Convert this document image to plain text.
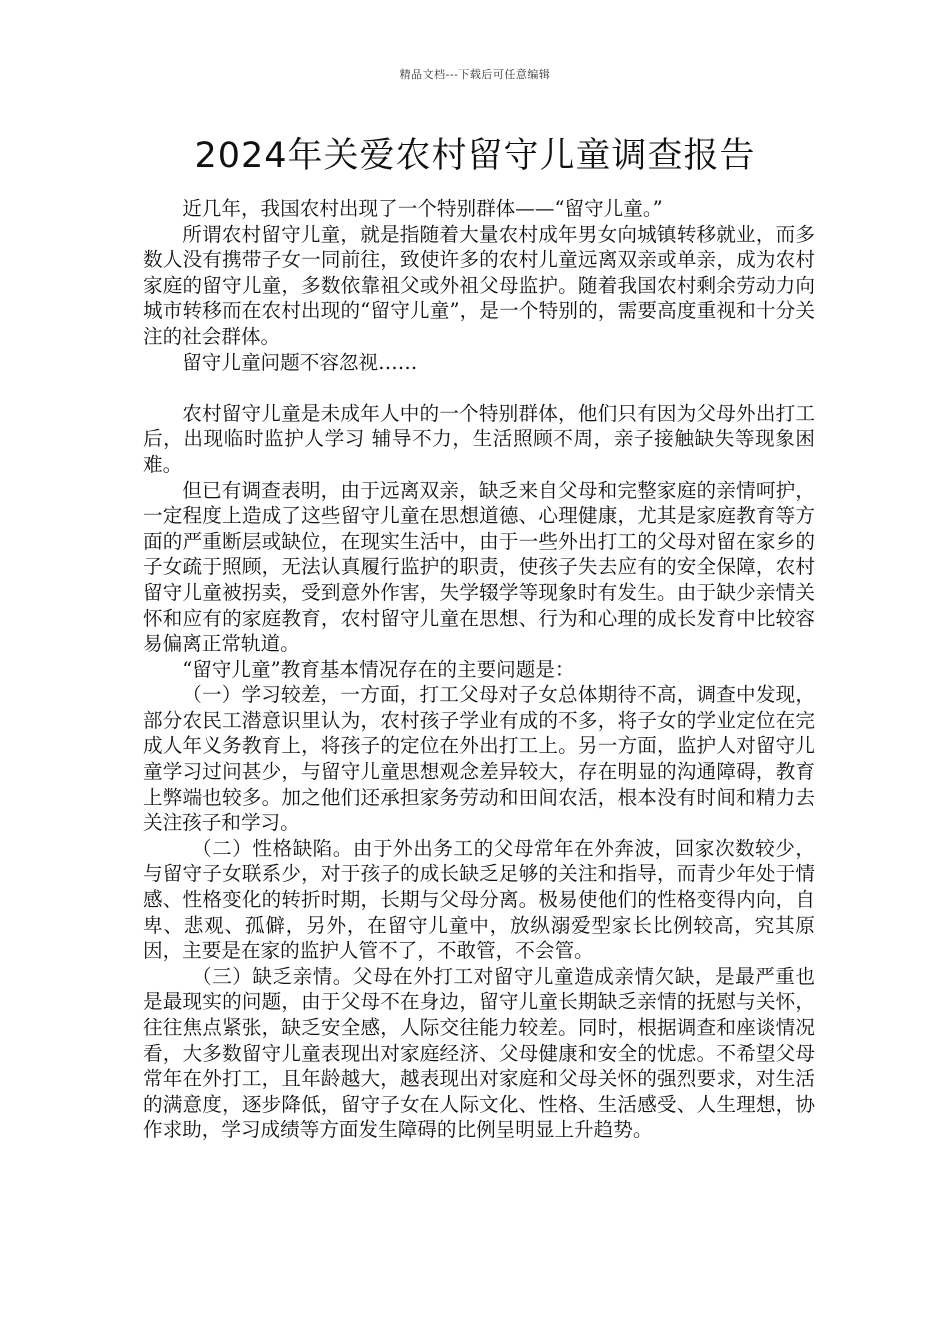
精品文档---下载后可任意编辑
2024年关爱农村留守儿童调查报告

近几年，我国农村出现了一个特别群体——“留守儿童。”

所谓农村留守儿童，就是指随着大量农村成年男女向城镇转移就业，而多数人没有携带子女一同前往，致使许多的农村儿童远离双亲或单亲，成为农村家庭的留守儿童，多数依靠祖父或外祖父母监护。随着我国农村剩余劳动力向城市转移而在农村出现的“留守儿童”，是一个特别的，需要高度重视和十分关注的社会群体。

留守儿童问题不容忽视……

农村留守儿童是未成年人中的一个特别群体，他们只有因为父母外出打工后，出现临时监护人学习 辅导不力，生活照顾不周，亲子接触缺失等现象困难。

但已有调查表明，由于远离双亲，缺乏来自父母和完整家庭的亲情呵护，一定程度上造成了这些留守儿童在思想道德、心理健康，尤其是家庭教育等方面的严重断层或缺位，在现实生活中，由于一些外出打工的父母对留在家乡的子女疏于照顾，无法认真履行监护的职责，使孩子失去应有的安全保障，农村留守儿童被拐卖，受到意外作害，失学辍学等现象时有发生。由于缺少亲情关怀和应有的家庭教育，农村留守儿童在思想、行为和心理的成长发育中比较容易偏离正常轨道。

“留守儿童”教育基本情况存在的主要问题是：

（一）学习较差，一方面，打工父母对子女总体期待不高，调查中发现，部分农民工潜意识里认为，农村孩子学业有成的不多，将子女的学业定位在完成人年义务教育上，将孩子的定位在外出打工上。另一方面，监护人对留守儿童学习过问甚少，与留守儿童思想观念差异较大，存在明显的沟通障碍，教育上弊端也较多。加之他们还承担家务劳动和田间农活，根本没有时间和精力去关注孩子和学习。

（二）性格缺陷。由于外出务工的父母常年在外奔波，回家次数较少，与留守子女联系少，对于孩子的成长缺乏足够的关注和指导，而青少年处于情感、性格变化的转折时期，长期与父母分离。极易使他们的性格变得内向，自卑、悲观、孤僻，另外，在留守儿童中，放纵溺爱型家长比例较高，究其原因，主要是在家的监护人管不了，不敢管，不会管。

（三）缺乏亲情。父母在外打工对留守儿童造成亲情欠缺，是最严重也是最现实的问题，由于父母不在身边，留守儿童长期缺乏亲情的抚慰与关怀，往往焦点紧张，缺乏安全感，人际交往能力较差。同时，根据调查和座谈情况看，大多数留守儿童表现出对家庭经济、父母健康和安全的忧虑。不希望父母常年在外打工，且年龄越大，越表现出对家庭和父母关怀的强烈要求，对生活的满意度，逐步降低，留守子女在人际文化、性格、生活感受、人生理想，协作求助，学习成绩等方面发生障碍的比例呈明显上升趋势。
